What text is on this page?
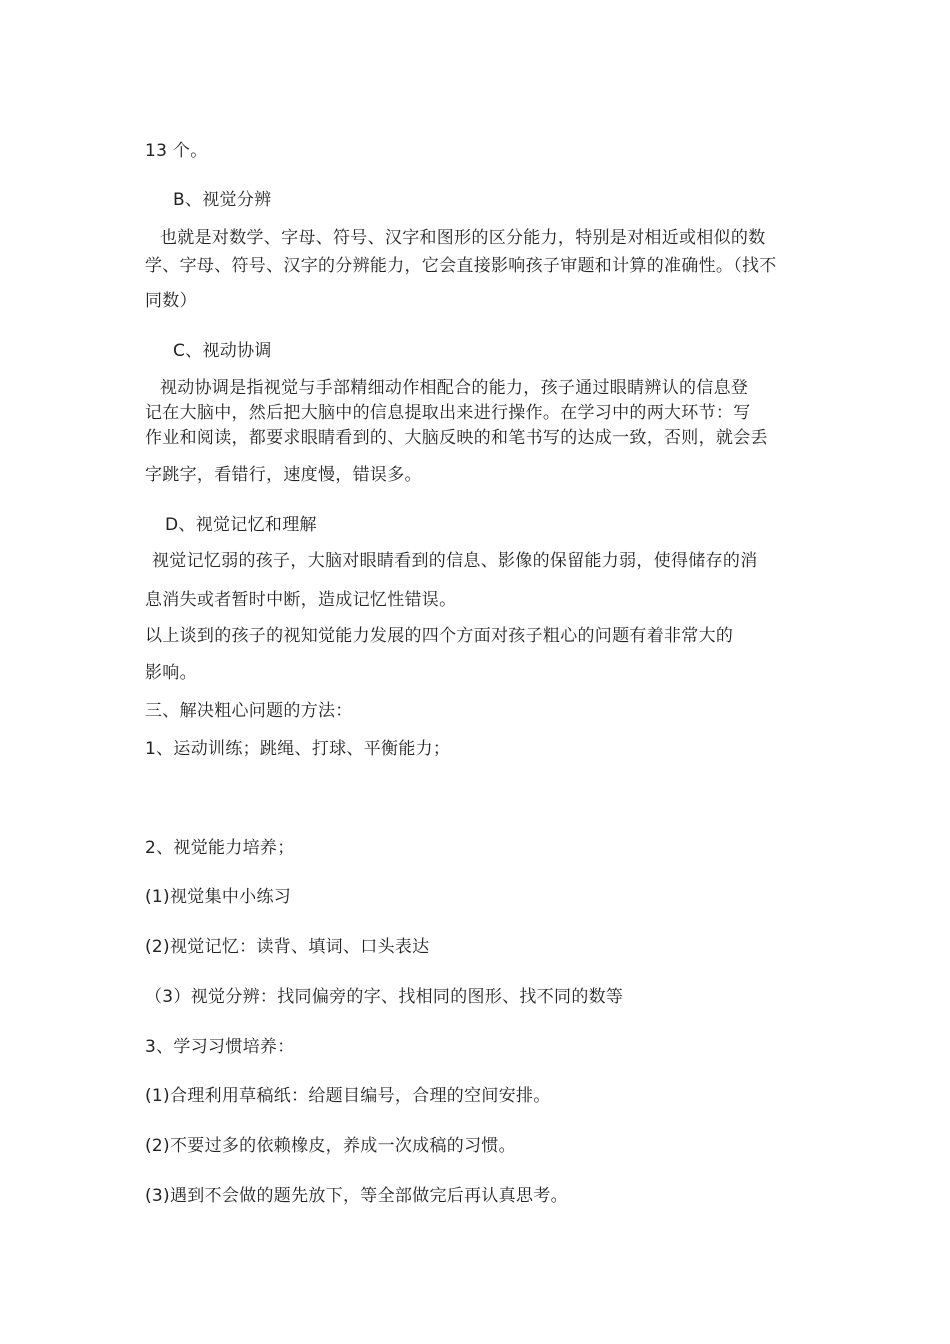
13 个。
B、视觉分辨
也就是对数学、字母、符号、汉字和图形的区分能力，特别是对相近或相似的数
学、字母、符号、汉字的分辨能力，它会直接影响孩子审题和计算的准确性。（找不
同数）
C、视动协调
视动协调是指视觉与手部精细动作相配合的能力，孩子通过眼睛辨认的信息登
记在大脑中，然后把大脑中的信息提取出来进行操作。在学习中的两大环节：写
作业和阅读，都要求眼睛看到的、大脑反映的和笔书写的达成一致，否则，就会丢
字跳字，看错行，速度慢，错误多。
D、视觉记忆和理解
视觉记忆弱的孩子，大脑对眼睛看到的信息、影像的保留能力弱，使得储存的消
息消失或者暂时中断，造成记忆性错误。
以上谈到的孩子的视知觉能力发展的四个方面对孩子粗心的问题有着非常大的
影响。
三、解决粗心问题的方法：
1、运动训练；跳绳、打球、平衡能力；
2、视觉能力培养；
(1)视觉集中小练习
(2)视觉记忆：读背、填词、口头表达
（3）视觉分辨：找同偏旁的字、找相同的图形、找不同的数等
3、学习习惯培养：
(1)合理利用草稿纸：给题目编号，合理的空间安排。
(2)不要过多的依赖橡皮，养成一次成稿的习惯。
(3)遇到不会做的题先放下，等全部做完后再认真思考。
